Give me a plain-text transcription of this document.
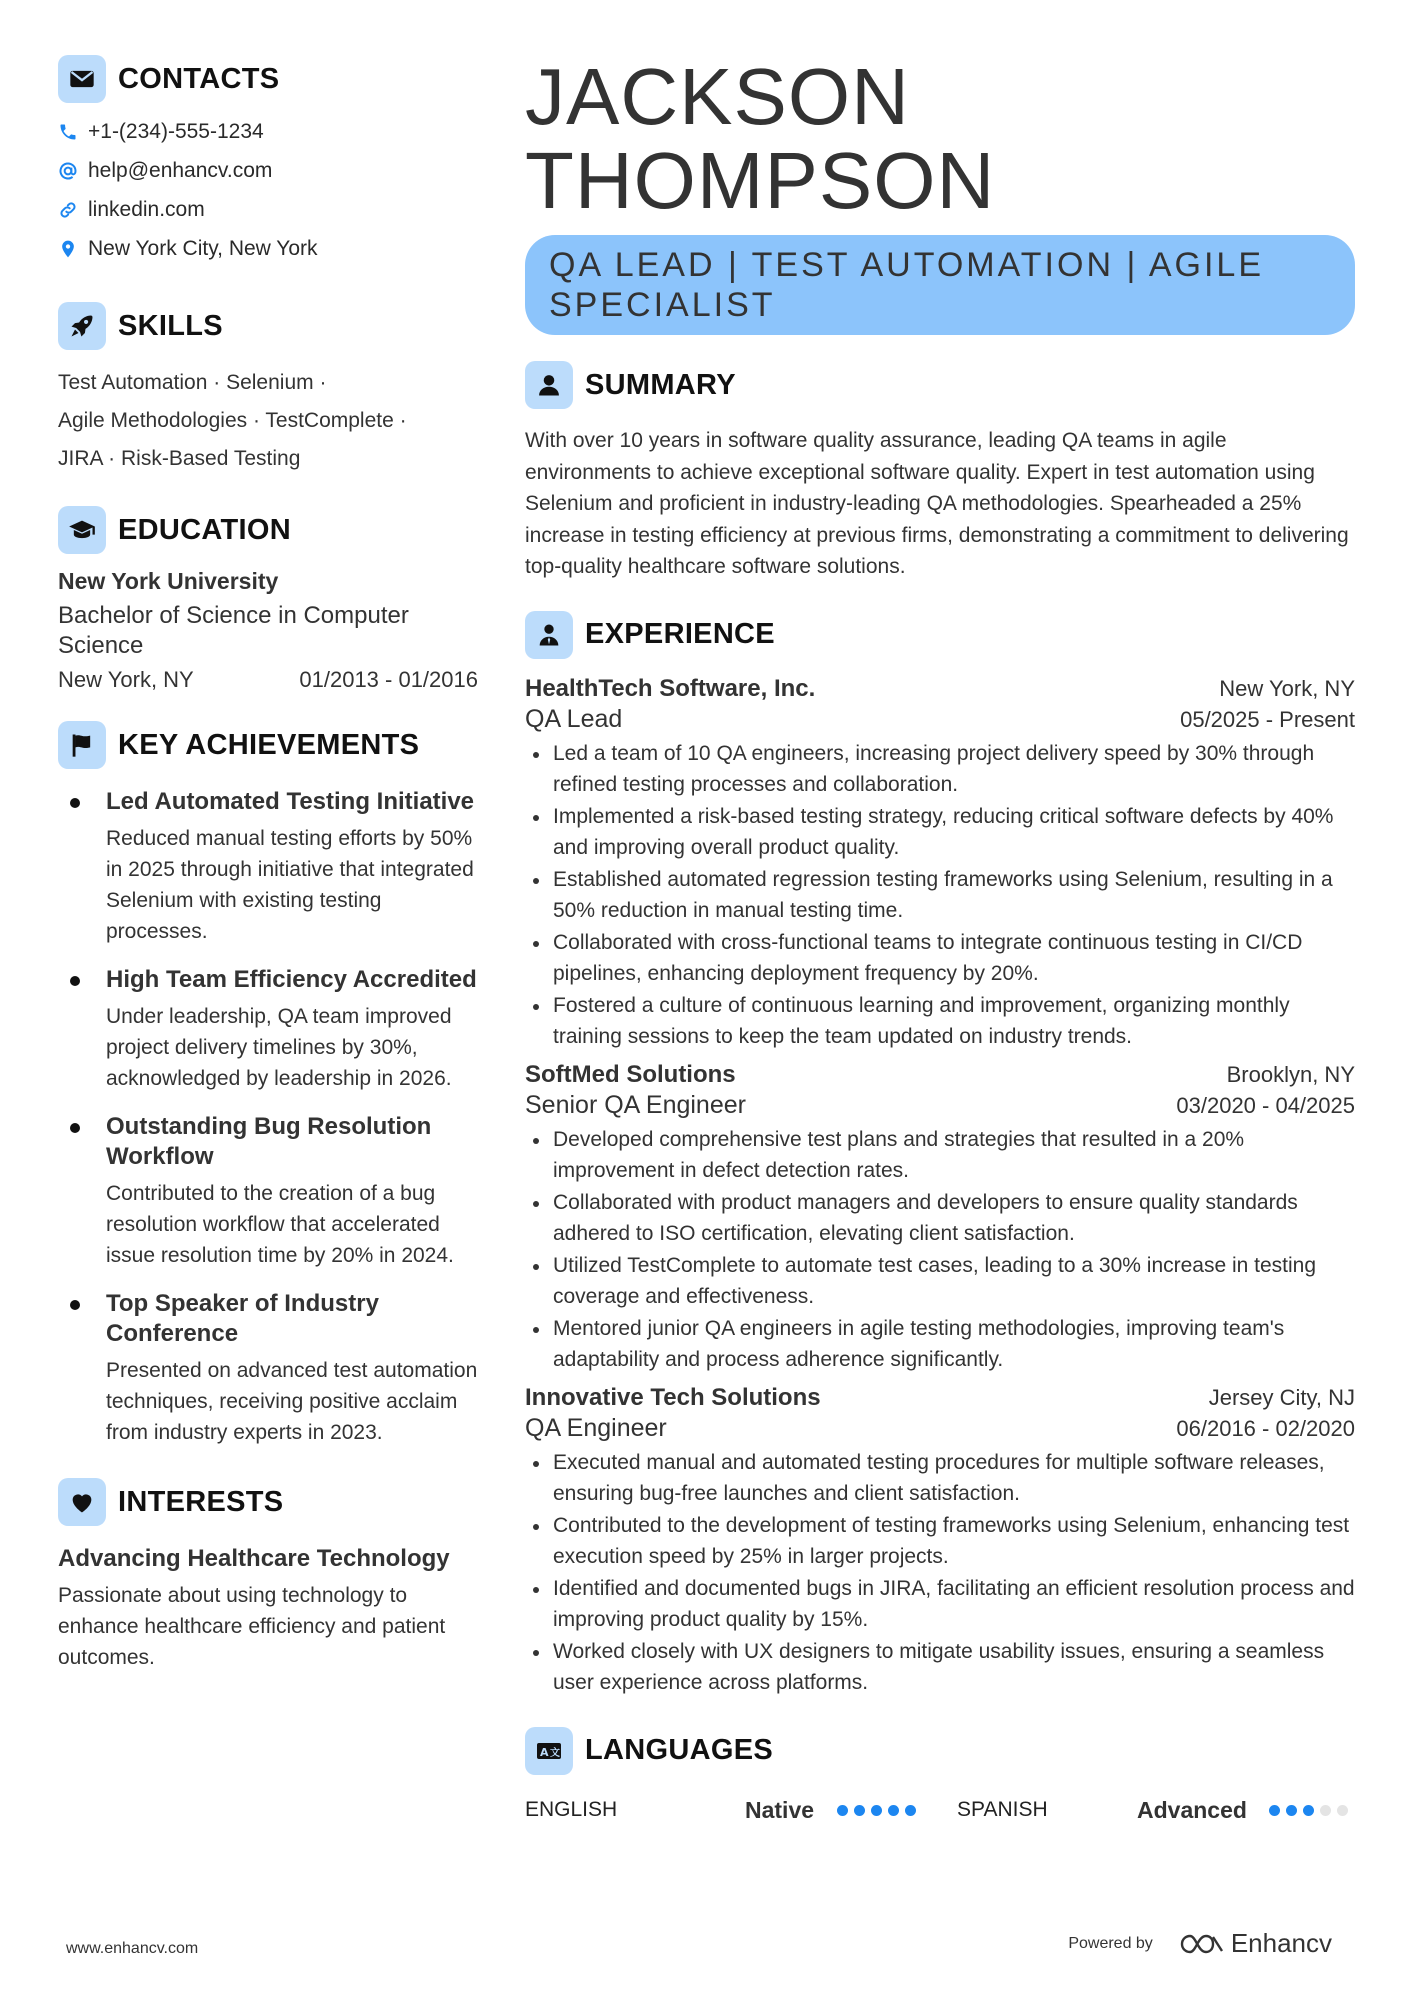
CONTACTS
+1-(234)-555-1234
help@enhancv.com
linkedin.com
New York City, New York
SKILLS
Test Automation · Selenium ·
Agile Methodologies · TestComplete ·
JIRA · Risk-Based Testing
EDUCATION
New York University
Bachelor of Science in Computer Science
New York, NY	01/2013 - 01/2016
KEY ACHIEVEMENTS
Led Automated Testing Initiative
Reduced manual testing efforts by 50% in 2025 through initiative that integrated Selenium with existing testing processes.
High Team Efficiency Accredited
Under leadership, QA team improved project delivery timelines by 30%, acknowledged by leadership in 2026.
Outstanding Bug Resolution Workflow
Contributed to the creation of a bug resolution workflow that accelerated issue resolution time by 20% in 2024.
Top Speaker of Industry Conference
Presented on advanced test automation techniques, receiving positive acclaim from industry experts in 2023.
INTERESTS
Advancing Healthcare Technology
Passionate about using technology to enhance healthcare efficiency and patient outcomes.
JACKSON
THOMPSON
QA LEAD | TEST AUTOMATION | AGILE SPECIALIST
SUMMARY
With over 10 years in software quality assurance, leading QA teams in agile environments to achieve exceptional software quality. Expert in test automation using Selenium and proficient in industry-leading QA methodologies. Spearheaded a 25% increase in testing efficiency at previous firms, demonstrating a commitment to delivering top-quality healthcare software solutions.
EXPERIENCE
HealthTech Software, Inc.	New York, NY
QA Lead	05/2025 - Present
Led a team of 10 QA engineers, increasing project delivery speed by 30% through refined testing processes and collaboration.
Implemented a risk-based testing strategy, reducing critical software defects by 40% and improving overall product quality.
Established automated regression testing frameworks using Selenium, resulting in a 50% reduction in manual testing time.
Collaborated with cross-functional teams to integrate continuous testing in CI/CD pipelines, enhancing deployment frequency by 20%.
Fostered a culture of continuous learning and improvement, organizing monthly training sessions to keep the team updated on industry trends.
SoftMed Solutions	Brooklyn, NY
Senior QA Engineer	03/2020 - 04/2025
Developed comprehensive test plans and strategies that resulted in a 20% improvement in defect detection rates.
Collaborated with product managers and developers to ensure quality standards adhered to ISO certification, elevating client satisfaction.
Utilized TestComplete to automate test cases, leading to a 30% increase in testing coverage and effectiveness.
Mentored junior QA engineers in agile testing methodologies, improving team's adaptability and process adherence significantly.
Innovative Tech Solutions	Jersey City, NJ
QA Engineer	06/2016 - 02/2020
Executed manual and automated testing procedures for multiple software releases, ensuring bug-free launches and client satisfaction.
Contributed to the development of testing frameworks using Selenium, enhancing test execution speed by 25% in larger projects.
Identified and documented bugs in JIRA, facilitating an efficient resolution process and improving product quality by 15%.
Worked closely with UX designers to mitigate usability issues, ensuring a seamless user experience across platforms.
A 文 LANGUAGES
ENGLISH	Native	SPANISH	Advanced
www.enhancv.com	Powered by	Enhancv
